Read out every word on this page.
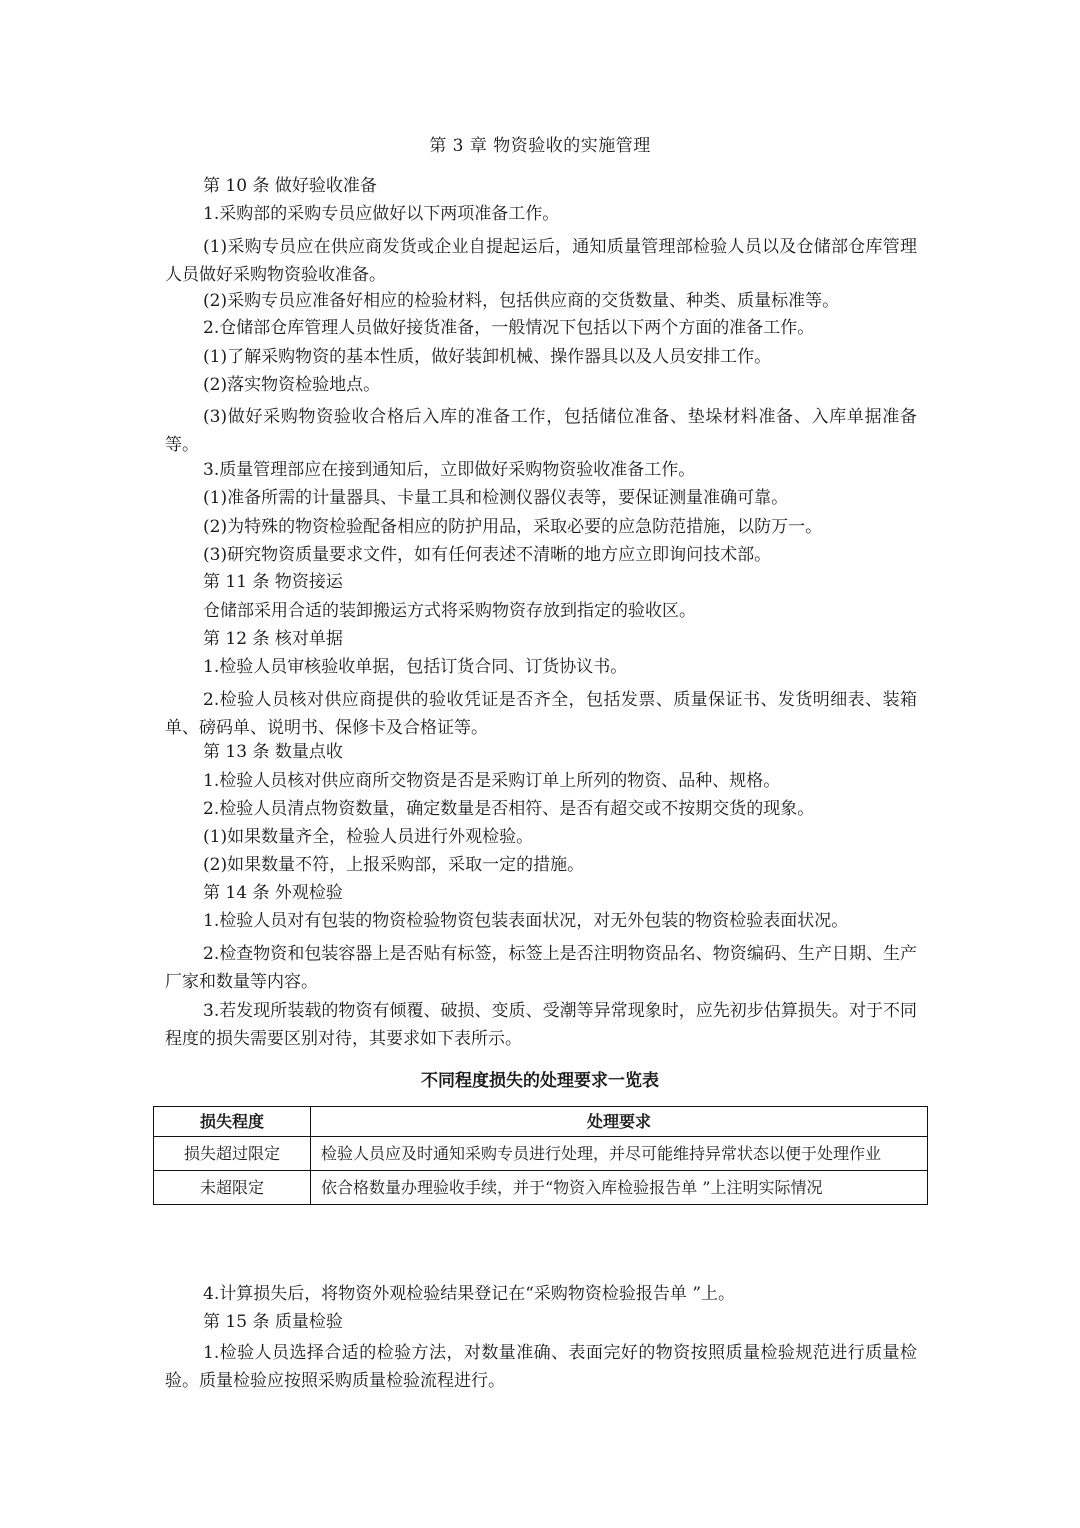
第 3 章 物资验收的实施管理
第 10 条 做好验收准备
1.采购部的采购专员应做好以下两项准备工作。
(1)采购专员应在供应商发货或企业自提起运后，通知质量管理部检验人员以及仓储部仓库管理人员做好采购物资验收准备。
(2)采购专员应准备好相应的检验材料，包括供应商的交货数量、种类、质量标准等。
2.仓储部仓库管理人员做好接货准备，一般情况下包括以下两个方面的准备工作。
(1)了解采购物资的基本性质，做好装卸机械、操作器具以及人员安排工作。
(2)落实物资检验地点。
(3)做好采购物资验收合格后入库的准备工作，包括储位准备、垫垛材料准备、入库单据准备等。
3.质量管理部应在接到通知后，立即做好采购物资验收准备工作。
(1)准备所需的计量器具、卡量工具和检测仪器仪表等，要保证测量准确可靠。
(2)为特殊的物资检验配备相应的防护用品，采取必要的应急防范措施，以防万一。
(3)研究物资质量要求文件，如有任何表述不清晰的地方应立即询问技术部。
第 11 条 物资接运
仓储部采用合适的装卸搬运方式将采购物资存放到指定的验收区。
第 12 条 核对单据
1.检验人员审核验收单据，包括订货合同、订货协议书。
2.检验人员核对供应商提供的验收凭证是否齐全，包括发票、质量保证书、发货明细表、装箱单、磅码单、说明书、保修卡及合格证等。
第 13 条 数量点收
1.检验人员核对供应商所交物资是否是采购订单上所列的物资、品种、规格。
2.检验人员清点物资数量，确定数量是否相符、是否有超交或不按期交货的现象。
(1)如果数量齐全，检验人员进行外观检验。
(2)如果数量不符，上报采购部，采取一定的措施。
第 14 条 外观检验
1.检验人员对有包装的物资检验物资包装表面状况，对无外包装的物资检验表面状况。
2.检查物资和包装容器上是否贴有标签，标签上是否注明物资品名、物资编码、生产日期、生产厂家和数量等内容。
3.若发现所装载的物资有倾覆、破损、变质、受潮等异常现象时，应先初步估算损失。对于不同程度的损失需要区别对待，其要求如下表所示。
不同程度损失的处理要求一览表
损失程度	处理要求
损失超过限定	检验人员应及时通知采购专员进行处理，并尽可能维持异常状态以便于处理作业
未超限定	依合格数量办理验收手续，并于“物资入库检验报告单 ”上注明实际情况
4.计算损失后，将物资外观检验结果登记在“采购物资检验报告单 ”上。
第 15 条 质量检验
1.检验人员选择合适的检验方法，对数量准确、表面完好的物资按照质量检验规范进行质量检验。质量检验应按照采购质量检验流程进行。
